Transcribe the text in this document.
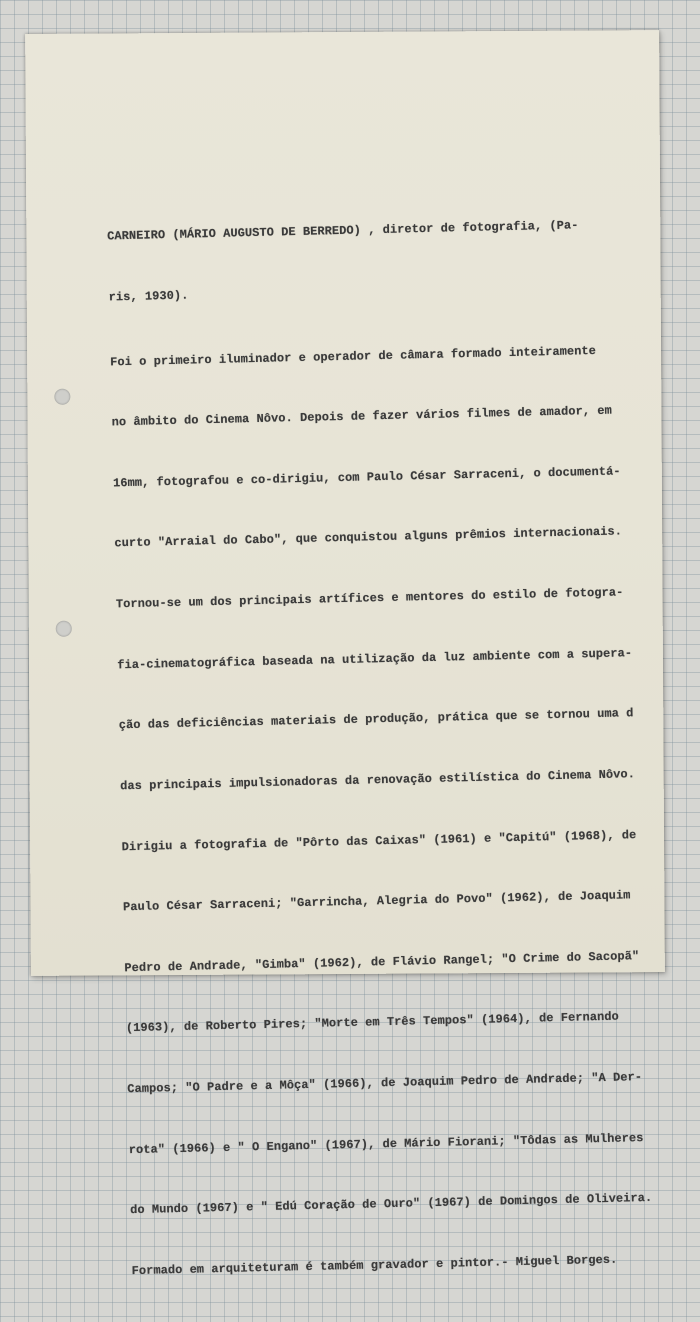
CARNEIRO (MÁRIO AUGUSTO DE BERREDO) , diretor de fotografia, (Pa-

ris, 1930).

Foi o primeiro iluminador e operador de câmara formado inteiramente

no âmbito do Cinema Nôvo. Depois de fazer vários filmes de amador, em

16mm, fotografou e co-dirigiu, com Paulo César Sarraceni, o documentá-

curto "Arraial do Cabo", que conquistou alguns prêmios internacionais.

Tornou-se um dos principais artífices e mentores do estilo de fotogra-

fia-cinematográfica baseada na utilização da luz ambiente com a supera-

ção das deficiências materiais de produção, prática que se tornou uma d

das principais impulsionadoras da renovação estilística do Cinema Nôvo.

Dirigiu a fotografia de "Pôrto das Caixas" (1961) e "Capitú" (1968), de

Paulo César Sarraceni; "Garrincha, Alegria do Povo" (1962), de Joaquim

Pedro de Andrade, "Gimba" (1962), de Flávio Rangel; "O Crime do Sacopã"

(1963), de Roberto Pires; "Morte em Três Tempos" (1964), de Fernando

Campos; "O Padre e a Môça" (1966), de Joaquim Pedro de Andrade; "A Der-

rota" (1966) e " O Engano" (1967), de Mário Fiorani; "Tôdas as Mulheres

do Mundo (1967) e " Edú Coração de Ouro" (1967) de Domingos de Oliveira.

Formado em arquiteturam é também gravador e pintor.- Miguel Borges.
